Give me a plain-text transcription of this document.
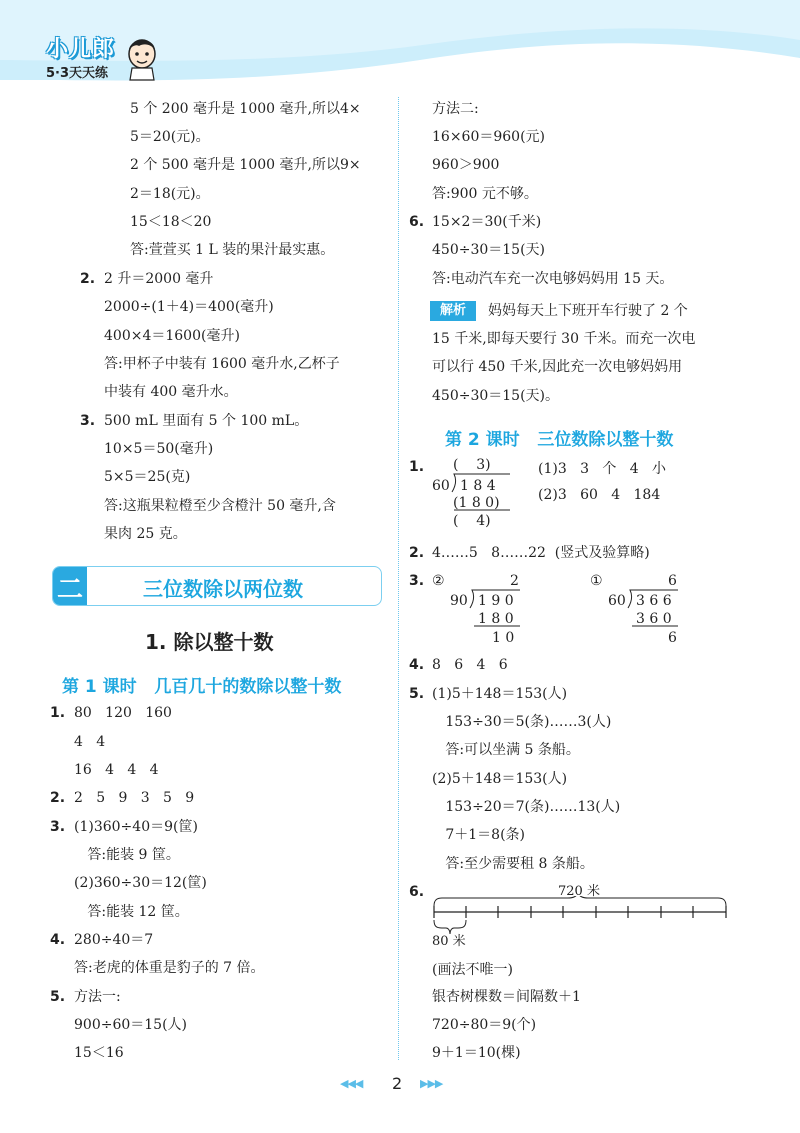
小儿郎
5·3天天练
5 个 200 毫升是 1000 毫升,所以4×
5＝20(元)。
2 个 500 毫升是 1000 毫升,所以9×
2＝18(元)。
15＜18＜20
答:萱萱买 1 L 装的果汁最实惠。
2. 2 升＝2000 毫升
2000÷(1＋4)＝400(毫升)
400×4＝1600(毫升)
答:甲杯子中装有 1600 毫升水,乙杯子
中装有 400 毫升水。
3. 500 mL 里面有 5 个 100 mL。
10×5＝50(毫升)
5×5＝25(克)
答:这瓶果粒橙至少含橙汁 50 毫升,含
果肉 25 克。
二	三位数除以两位数
1. 除以整十数
第 1 课时   几百几十的数除以整十数
1. 80   120   160
4   4
16   4   4   4
2. 2   5   9   3   5   9
3. (1)360÷40＝9(筐)
答:能装 9 筐。
(2)360÷30＝12(筐)
答:能装 12 筐。
4. 280÷40＝7
答:老虎的体重是豹子的 7 倍。
5. 方法一:
900÷60＝15(人)
15＜16
方法二:
16×60＝960(元)
960＞900
答:900 元不够。
6. 15×2＝30(千米)
450÷30＝15(天)
答:电动汽车充一次电够妈妈用 15 天。
解析	妈妈每天上下班开车行驶了 2 个
15 千米,即每天要行 30 千米。而充一次电
可以行 450 千米,因此充一次电够妈妈用
450÷30＝15(天)。
第 2 课时   三位数除以整十数
1. (    3)
60 1 8 4
(1 8 0)
(    4)
(1)3   3   个   4   小
(2)3   60   4   184
2. 4……5   8……22  (竖式及验算略)
3. ②	2
90 1 9 0
1 8 0
1 0
①	6
60 3 6 6
3 6 0
6
4. 8   6   4   6
5. (1)5＋148＝153(人)
153÷30＝5(条)……3(人)
答:可以坐满 5 条船。
(2)5＋148＝153(人)
153÷20＝7(条)……13(人)
7＋1＝8(条)
答:至少需要租 8 条船。
6.	720 米
80 米
(画法不唯一)
银杏树棵数＝间隔数＋1
720÷80＝9(个)
9＋1＝10(棵)
◀◀◀ 2 ▶▶▶
